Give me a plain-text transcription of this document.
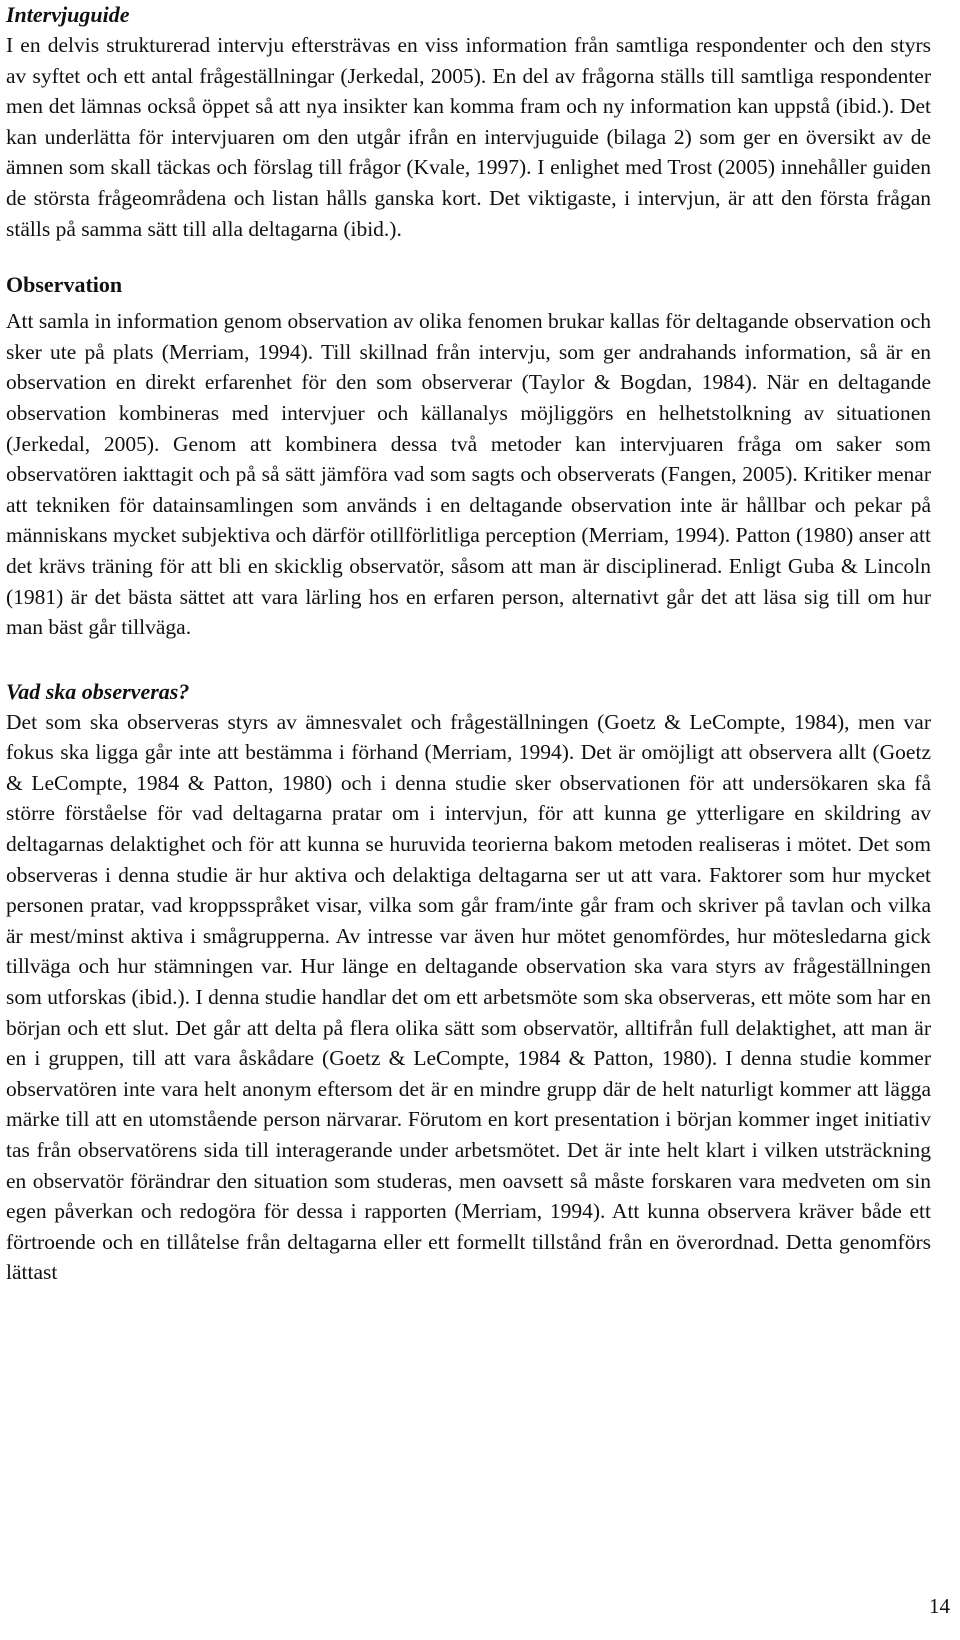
Intervjuguide

I en delvis strukturerad intervju eftersträvas en viss information från samtliga respondenter och den styrs av syftet och ett antal frågeställningar (Jerkedal, 2005). En del av frågorna ställs till samtliga respondenter men det lämnas också öppet så att nya insikter kan komma fram och ny information kan uppstå (ibid.). Det kan underlätta för intervjuaren om den utgår ifrån en intervjuguide (bilaga 2) som ger en översikt av de ämnen som skall täckas och förslag till frågor (Kvale, 1997). I enlighet med Trost (2005) innehåller guiden de största frågeområdena och listan hålls ganska kort. Det viktigaste, i intervjun, är att den första frågan ställs på samma sätt till alla deltagarna (ibid.).

Observation

Att samla in information genom observation av olika fenomen brukar kallas för deltagande observation och sker ute på plats (Merriam, 1994). Till skillnad från intervju, som ger andrahands information, så är en observation en direkt erfarenhet för den som observerar (Taylor & Bogdan, 1984). När en deltagande observation kombineras med intervjuer och källanalys möjliggörs en helhetstolkning av situationen (Jerkedal, 2005). Genom att kombinera dessa två metoder kan intervjuaren fråga om saker som observatören iakttagit och på så sätt jämföra vad som sagts och observerats (Fangen, 2005). Kritiker menar att tekniken för datainsamlingen som används i en deltagande observation inte är hållbar och pekar på människans mycket subjektiva och därför otillförlitliga perception (Merriam, 1994). Patton (1980) anser att det krävs träning för att bli en skicklig observatör, såsom att man är disciplinerad. Enligt Guba & Lincoln (1981) är det bästa sättet att vara lärling hos en erfaren person, alternativt går det att läsa sig till om hur man bäst går tillväga.

Vad ska observeras?

Det som ska observeras styrs av ämnesvalet och frågeställningen (Goetz & LeCompte, 1984), men var fokus ska ligga går inte att bestämma i förhand (Merriam, 1994). Det är omöjligt att observera allt (Goetz & LeCompte, 1984 & Patton, 1980) och i denna studie sker observationen för att undersökaren ska få större förståelse för vad deltagarna pratar om i intervjun, för att kunna ge ytterligare en skildring av deltagarnas delaktighet och för att kunna se huruvida teorierna bakom metoden realiseras i mötet. Det som observeras i denna studie är hur aktiva och delaktiga deltagarna ser ut att vara. Faktorer som hur mycket personen pratar, vad kroppsspråket visar, vilka som går fram/inte går fram och skriver på tavlan och vilka är mest/minst aktiva i smågrupperna. Av intresse var även hur mötet genomfördes, hur mötesledarna gick tillväga och hur stämningen var. Hur länge en deltagande observation ska vara styrs av frågeställningen som utforskas (ibid.). I denna studie handlar det om ett arbetsmöte som ska observeras, ett möte som har en början och ett slut. Det går att delta på flera olika sätt som observatör, alltifrån full delaktighet, att man är en i gruppen, till att vara åskådare (Goetz & LeCompte, 1984 & Patton, 1980). I denna studie kommer observatören inte vara helt anonym eftersom det är en mindre grupp där de helt naturligt kommer att lägga märke till att en utomstående person närvarar. Förutom en kort presentation i början kommer inget initiativ tas från observatörens sida till interagerande under arbetsmötet. Det är inte helt klart i vilken utsträckning en observatör förändrar den situation som studeras, men oavsett så måste forskaren vara medveten om sin egen påverkan och redogöra för dessa i rapporten (Merriam, 1994). Att kunna observera kräver både ett förtroende och en tillåtelse från deltagarna eller ett formellt tillstånd från en överordnad. Detta genomförs lättast

14
